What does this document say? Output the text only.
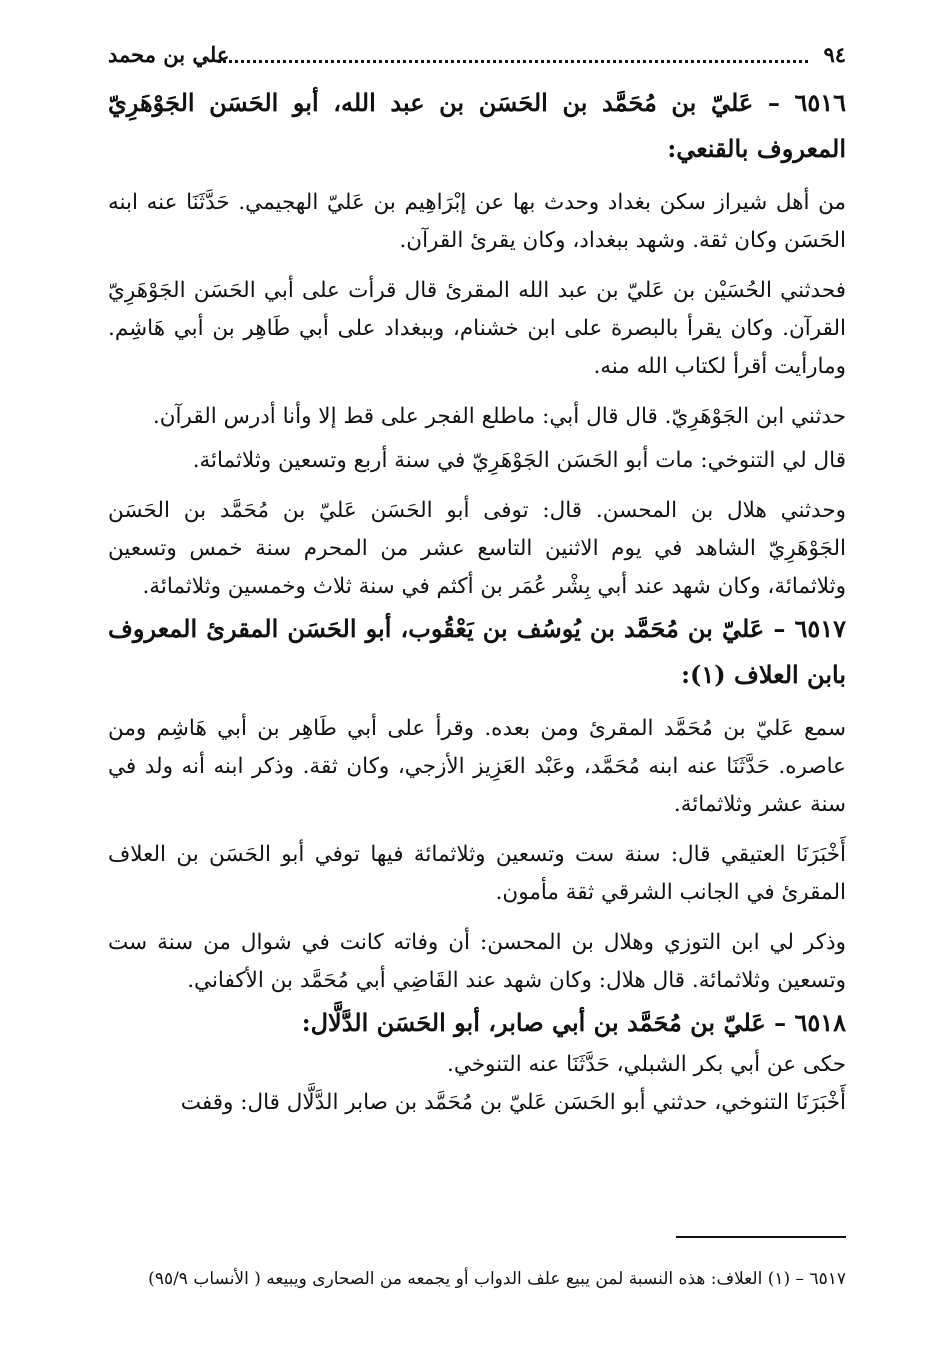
٩٤
علي بن محمد

٦٥١٦ – عَليّ بن مُحَمَّد بن الحَسَن بن عبد الله، أبو الحَسَن الجَوْهَرِيّ المعروف بالقنعي:

من أهل شيراز سكن بغداد وحدث بها عن إبْرَاهِيم بن عَليّ الهجيمي. حَدَّثَنَا عنه ابنه الحَسَن وكان ثقة. وشهد ببغداد، وكان يقرئ القرآن.

فحدثني الحُسَيْن بن عَليّ بن عبد الله المقرئ قال قرأت على أبي الحَسَن الجَوْهَرِيّ القرآن. وكان يقرأ بالبصرة على ابن خشنام، وببغداد على أبي طَاهِر بن أبي هَاشِم. ومارأيت أقرأ لكتاب الله منه.

حدثني ابن الجَوْهَرِيّ. قال قال أبي: ماطلع الفجر على قط إلا وأنا أدرس القرآن.

قال لي التنوخي: مات أبو الحَسَن الجَوْهَرِيّ في سنة أربع وتسعين وثلاثمائة.

وحدثني هلال بن المحسن. قال: توفى أبو الحَسَن عَليّ بن مُحَمَّد بن الحَسَن الجَوْهَرِيّ الشاهد في يوم الاثنين التاسع عشر من المحرم سنة خمس وتسعين وثلاثمائة، وكان شهد عند أبي بِشْر عُمَر بن أكثم في سنة ثلاث وخمسين وثلاثمائة.

٦٥١٧ – عَليّ بن مُحَمَّد بن يُوسُف بن يَعْقُوب، أبو الحَسَن المقرئ المعروف بابن العلاف (١):

سمع عَليّ بن مُحَمَّد المقرئ ومن بعده. وقرأ على أبي طَاهِر بن أبي هَاشِم ومن عاصره. حَدَّثَنَا عنه ابنه مُحَمَّد، وعَبْد العَزِيز الأزجي، وكان ثقة. وذكر ابنه أنه ولد في سنة عشر وثلاثمائة.

أَخْبَرَنَا العتيقي قال: سنة ست وتسعين وثلاثمائة فيها توفي أبو الحَسَن بن العلاف المقرئ في الجانب الشرقي ثقة مأمون.

وذكر لي ابن التوزي وهلال بن المحسن: أن وفاته كانت في شوال من سنة ست وتسعين وثلاثمائة. قال هلال: وكان شهد عند القَاضِي أبي مُحَمَّد بن الأكفاني.

٦٥١٨ – عَليّ بن مُحَمَّد بن أبي صابر، أبو الحَسَن الدَّلَّال:

حكى عن أبي بكر الشبلي، حَدَّثَنَا عنه التنوخي.

أَخْبَرَنَا التنوخي، حدثني أبو الحَسَن عَليّ بن مُحَمَّد بن صابر الدَّلَّال قال: وقفت

٦٥١٧ – (١) العلاف: هذه النسبة لمن يبيع علف الدواب أو يجمعه من الصحارى ويبيعه ( الأنساب ٩٥/٩)
